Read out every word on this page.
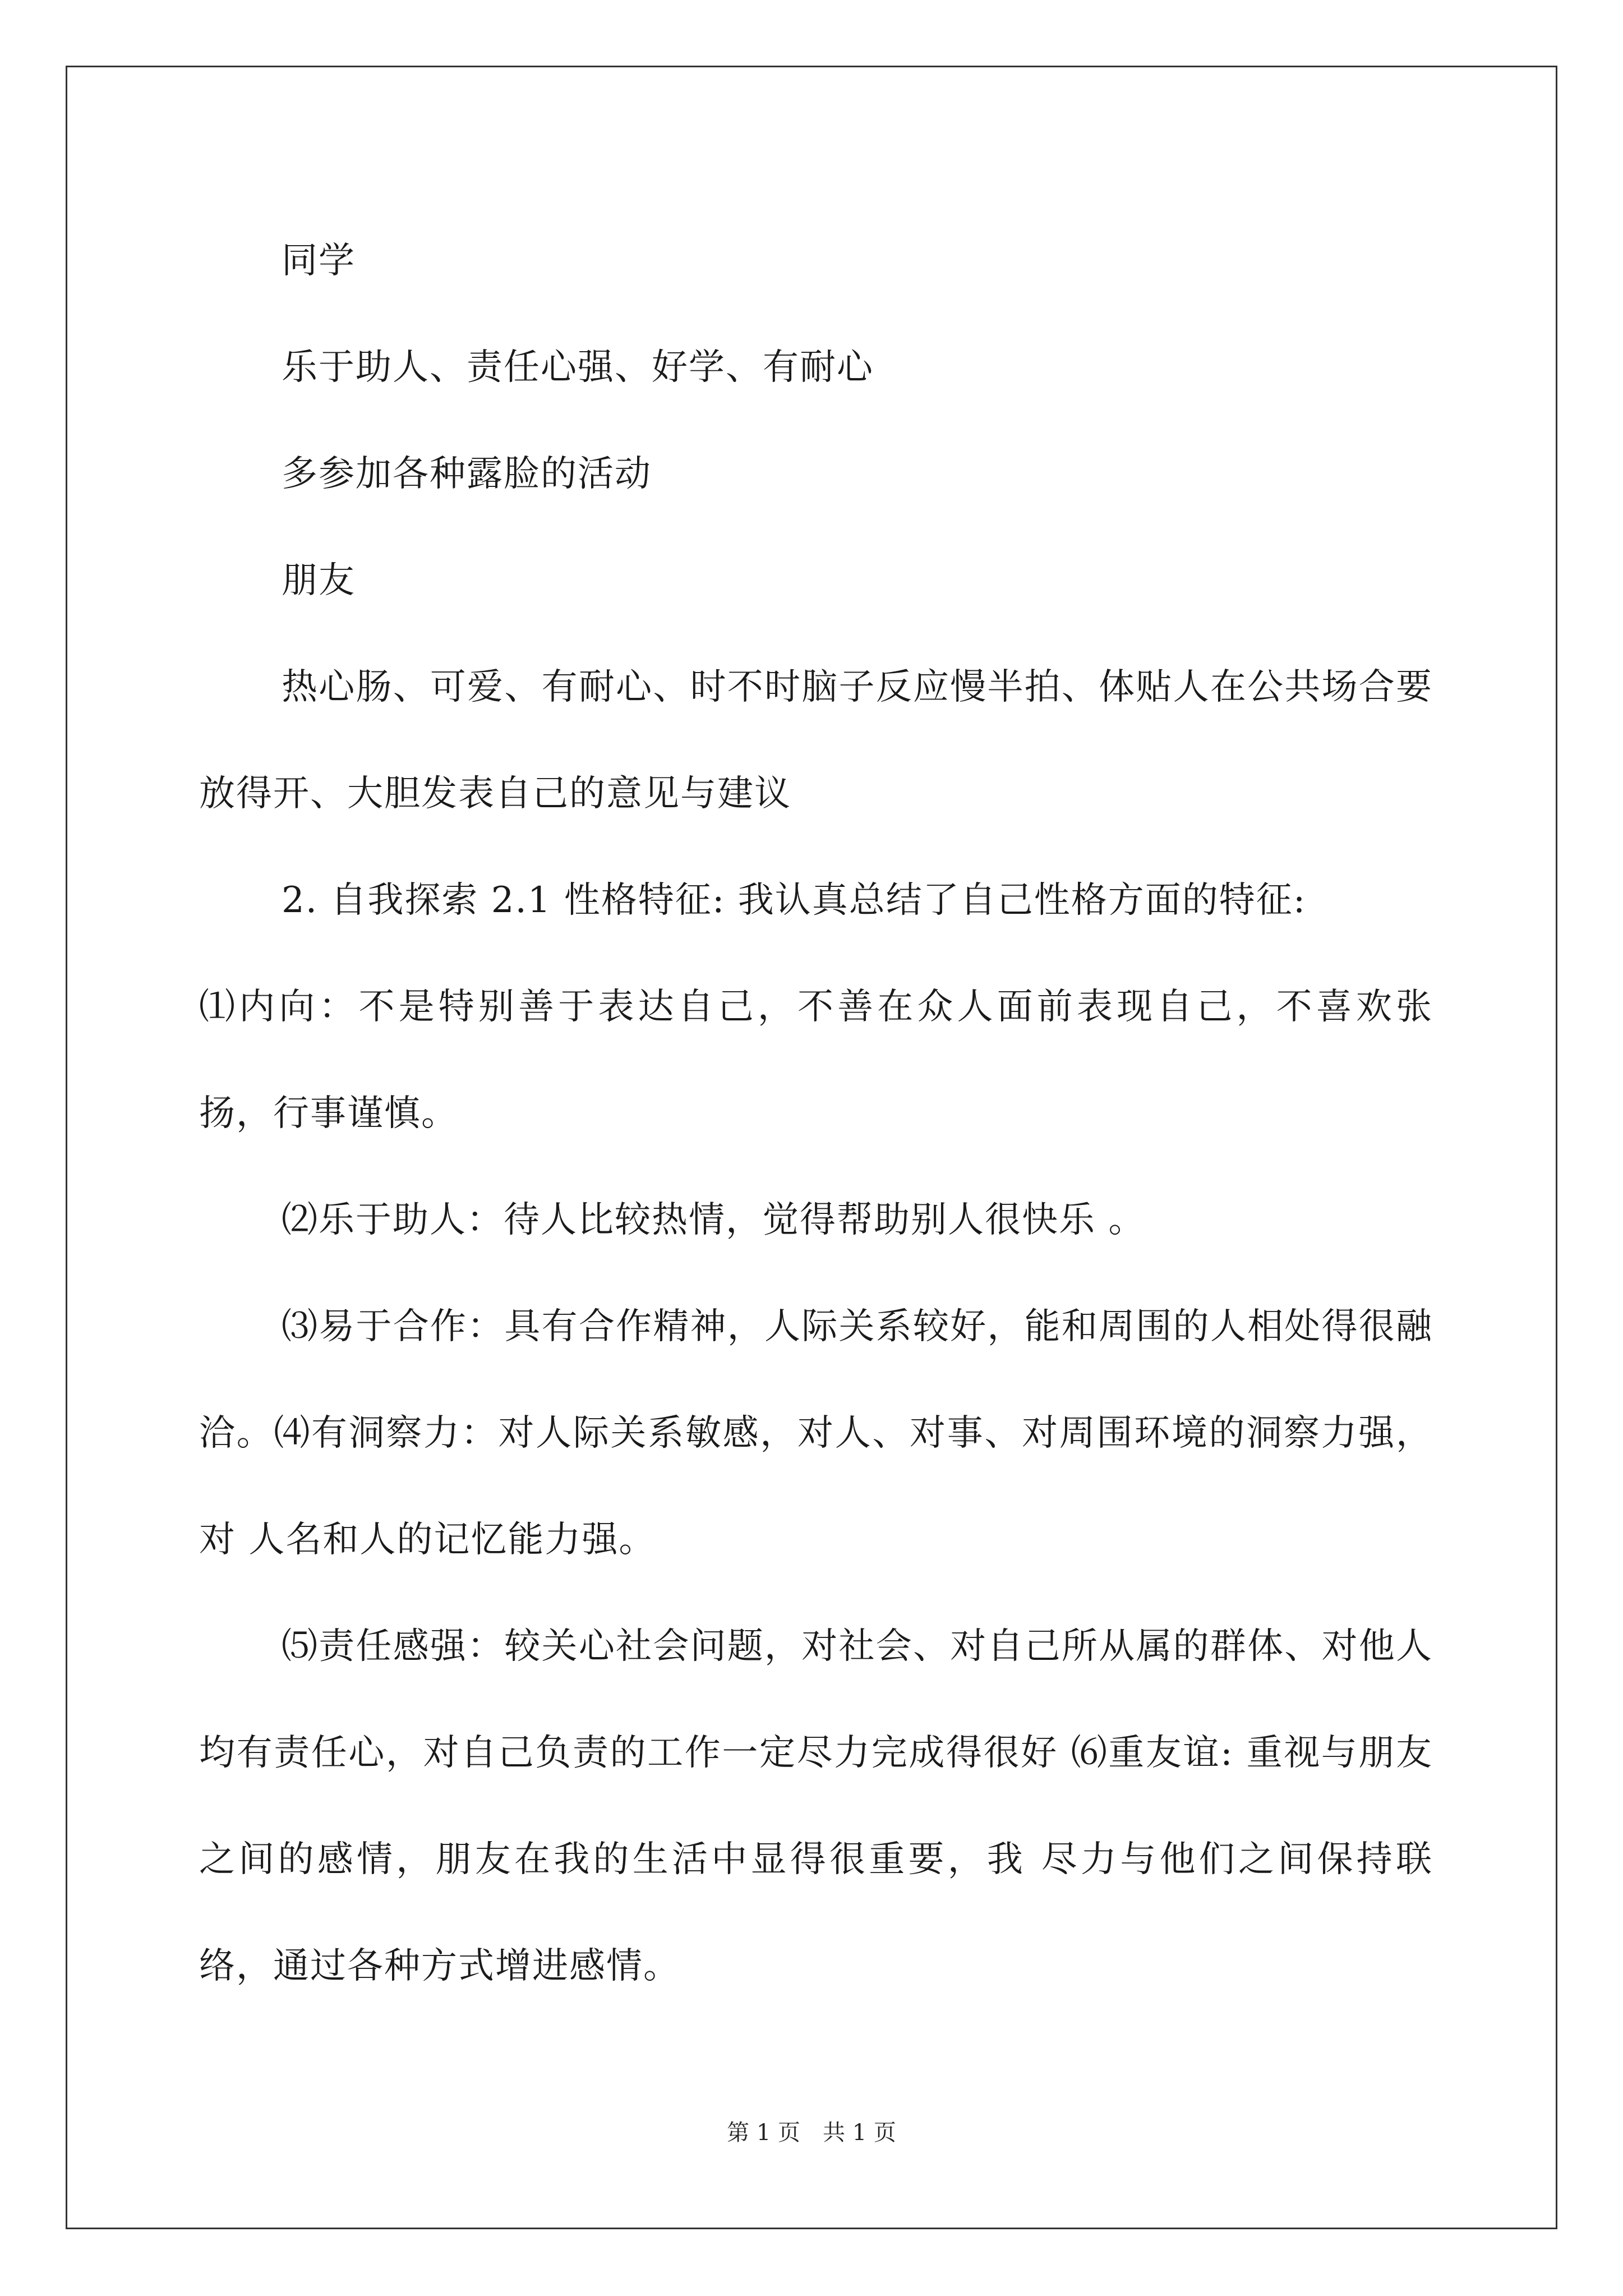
同学

乐于助人、责任心强、好学、有耐心

多参加各种露脸的活动

朋友

热心肠、可爱、有耐心、时不时脑子反应慢半拍、体贴人在公共场合要放得开、大胆发表自己的意见与建议

2. 自我探索 2.1 性格特征: 我认真总结了自己性格方面的特征:

⑴内向：不是特别善于表达自己，不善在众人面前表现自己，不喜欢张 扬，行事谨慎。

⑵乐于助人：待人比较热情，觉得帮助别人很快乐 。

⑶易于合作：具有合作精神，人际关系较好，能和周围的人相处得很融洽。⑷有洞察力：对人际关系敏感，对人、对事、对周围环境的洞察力强，对 人名和人的记忆能力强。

⑸责任感强：较关心社会问题，对社会、对自己所从属的群体、对他人 均有责任心，对自己负责的工作一定尽力完成得很好 ⑹重友谊: 重视与朋友之间的感情，朋友在我的生活中显得很重要，我 尽力与他们之间保持联络，通过各种方式增进感情。

第 1 页　共 1 页
